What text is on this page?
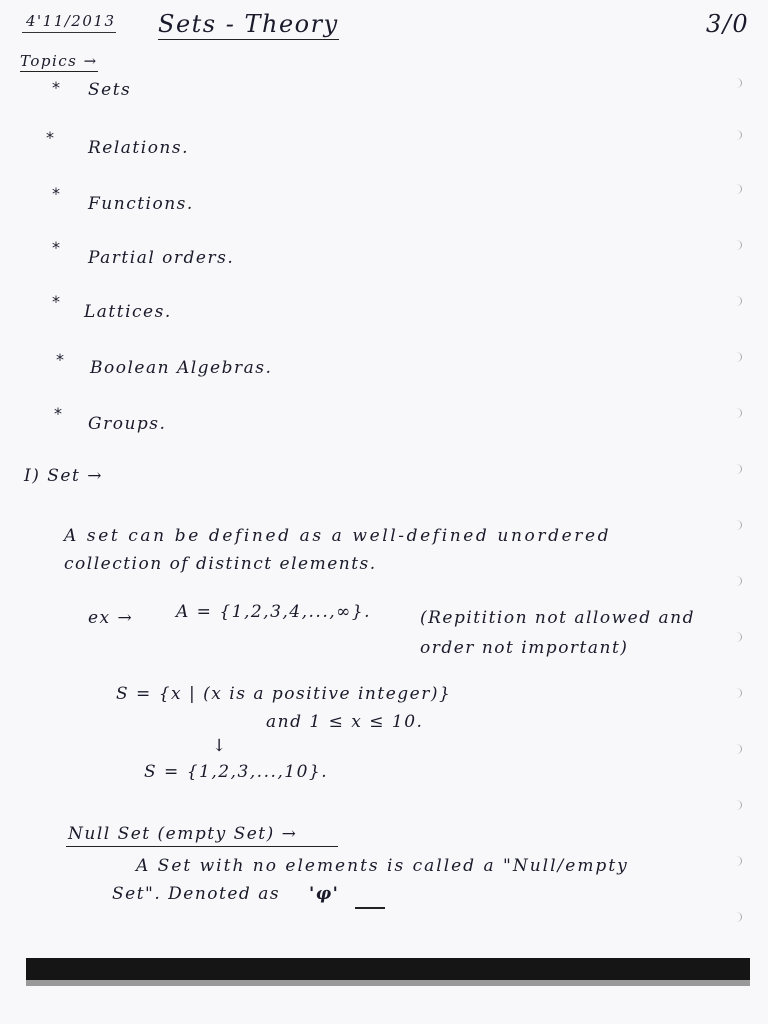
4'11/2013 Sets - Theory	3/0
Topics →
* Sets
*
Relations.
*
Functions.
*
Partial orders.
*
Lattices.
* Boolean Algebras.
*
Groups.
I) Set →
A set can be defined as a well-defined unordered
collection of distinct elements.
ex →	A = {1,2,3,4,...,∞}.	(Repitition not allowed and
order not important)
S = {x | (x is a positive integer)}
and 1 ≤ x ≤ 10.
↓
S = {1,2,3,...,10}.
Null Set (empty Set) →
A Set with no elements is called a "Null/empty
Set". Denoted as 'φ'
